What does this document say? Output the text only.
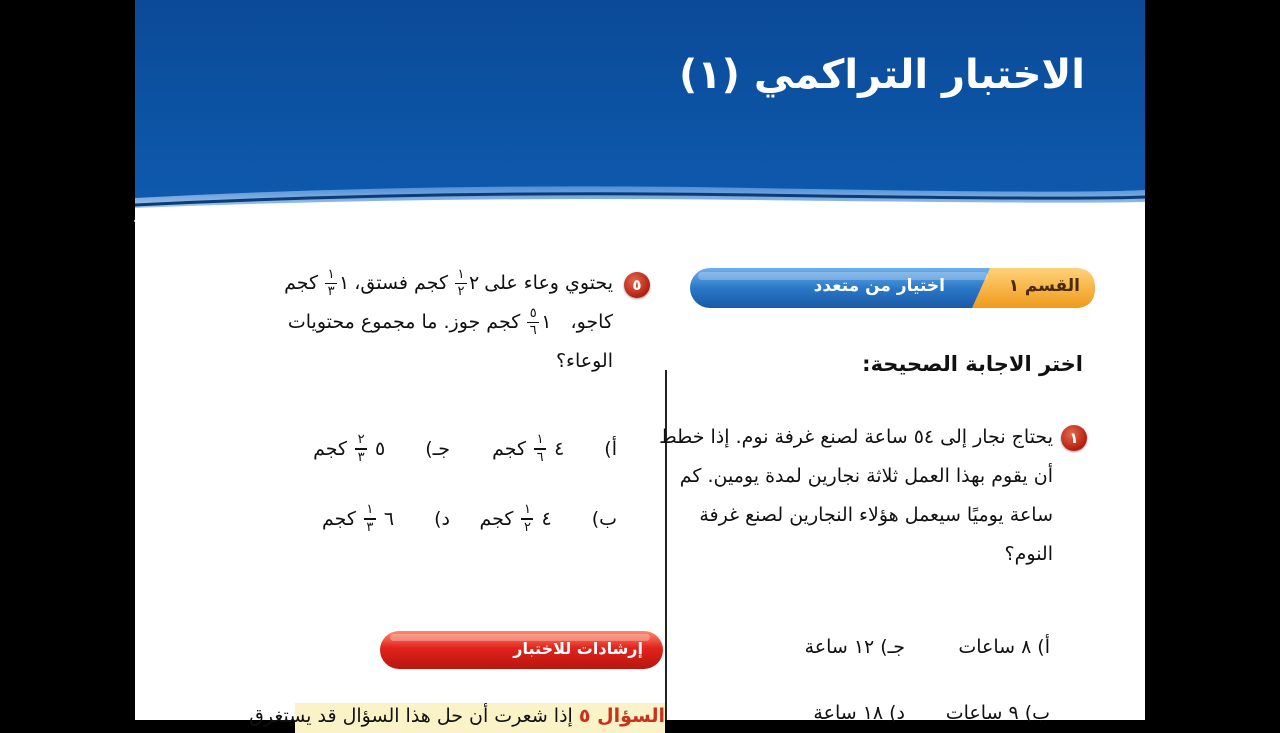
الاختبار التراكمي (١)
القسم ١
اختيار من متعدد
اختر الاجابة الصحيحة:
١
يحتاج نجار إلى ٥٤ ساعة لصنع غرفة نوم. إذا خطط
أن يقوم بهذا العمل ثلاثة نجارين لمدة يومين. كم
ساعة يوميًا سيعمل هؤلاء النجارين لصنع غرفة
النوم؟
أ)
٨ ساعات
جـ)
١٢ ساعة
ب)
٩ ساعات
د)
١٨ ساعة
٥
يحتوي وعاء على
٢
$\frac{١}{٢}$
كجم فستق،
١
$\frac{١}{٣}$
كجم
كاجو،
١
$\frac{٥}{٦}$
كجم جوز. ما مجموع محتويات
الوعاء؟
أ)
٤
$\frac{١}{٦}$
كجم
جـ)
٥
$\frac{٢}{٣}$
كجم
ب)
٤
$\frac{١}{٢}$
كجم
د)
٦
$\frac{١}{٣}$
كجم
إرشادات للاختبار
السؤال ٥ إذا شعرت أن حل هذا السؤال قد يستغرق
